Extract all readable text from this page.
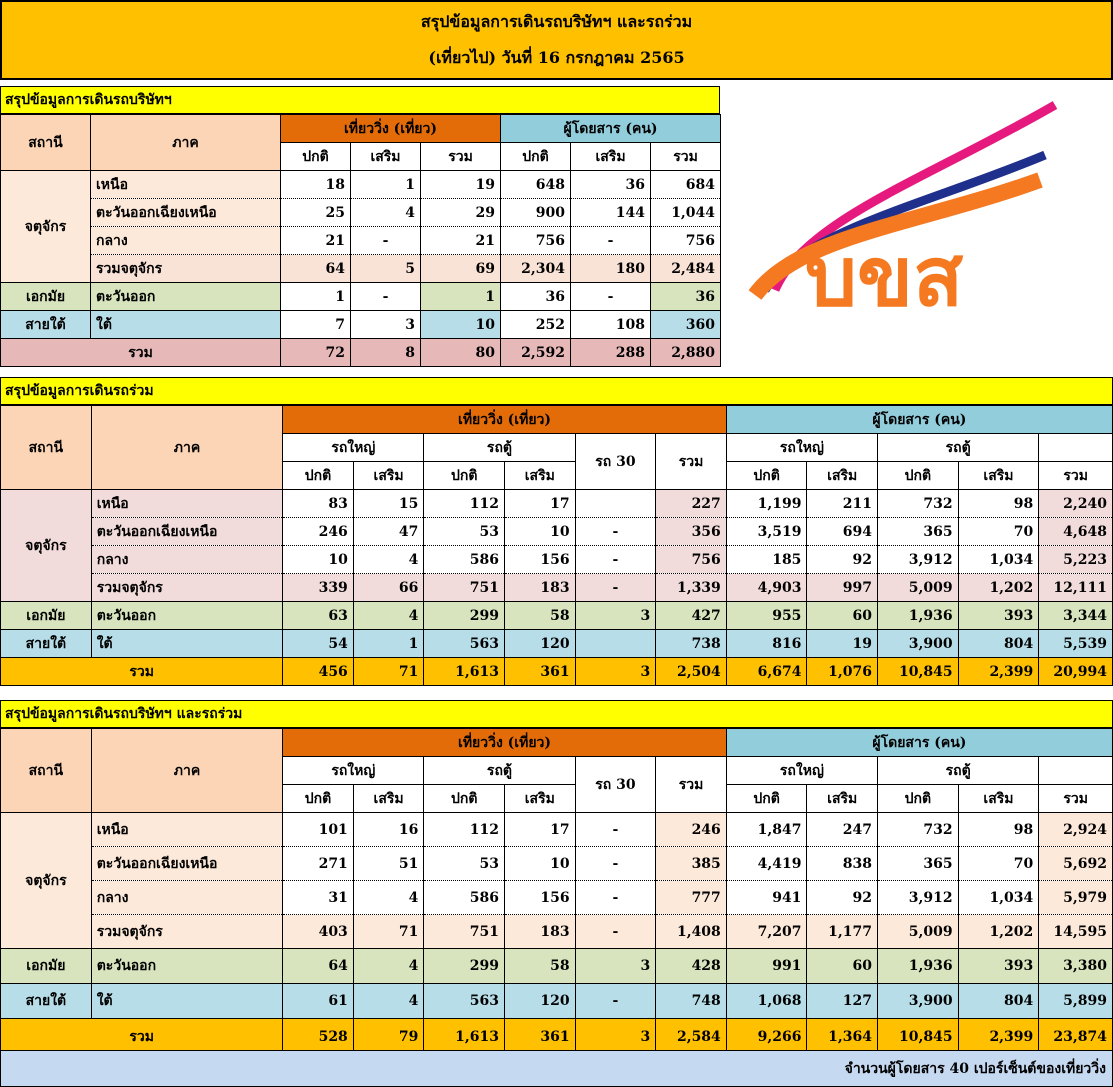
สรุปข้อมูลการเดินรถบริษัทฯ และรถร่วม
(เที่ยวไป) วันที่ 16 กรกฎาคม 2565
สรุปข้อมูลการเดินรถบริษัทฯ
สถานี	ภาค	เที่ยววิ่ง (เที่ยว)			ผู้โดยสาร (คน)		
		ปกติ	เสริม	รวม	ปกติ	เสริม	รวม
จตุจักร	เหนือ	18	1	19	648	36	684
	ตะวันออกเฉียงเหนือ	25	4	29	900	144	1,044
	กลาง	21	-	21	756	-	756
	รวมจตุจักร	64	5	69	2,304	180	2,484
เอกมัย	ตะวันออก	1	-	1	36	-	36
สายใต้	ใต้	7	3	10	252	108	360
รวม		72	8	80	2,592	288	2,880
บขส
สรุปข้อมูลการเดินรถร่วม
สถานี	ภาค	เที่ยววิ่ง (เที่ยว)						ผู้โดยสาร (คน)				
		รถใหญ่		รถตู้		รถ 30	รวม	รถใหญ่		รถตู้		
		ปกติ	เสริม	ปกติ	เสริม			ปกติ	เสริม	ปกติ	เสริม	รวม
จตุจักร	เหนือ	83	15	112	17		227	1,199	211	732	98	2,240
	ตะวันออกเฉียงเหนือ	246	47	53	10	-	356	3,519	694	365	70	4,648
	กลาง	10	4	586	156	-	756	185	92	3,912	1,034	5,223
	รวมจตุจักร	339	66	751	183	-	1,339	4,903	997	5,009	1,202	12,111
เอกมัย	ตะวันออก	63	4	299	58	3	427	955	60	1,936	393	3,344
สายใต้	ใต้	54	1	563	120		738	816	19	3,900	804	5,539
รวม		456	71	1,613	361	3	2,504	6,674	1,076	10,845	2,399	20,994
สรุปข้อมูลการเดินรถบริษัทฯ และรถร่วม
สถานี	ภาค	เที่ยววิ่ง (เที่ยว)						ผู้โดยสาร (คน)				
		รถใหญ่		รถตู้		รถ 30	รวม	รถใหญ่		รถตู้		
		ปกติ	เสริม	ปกติ	เสริม			ปกติ	เสริม	ปกติ	เสริม	รวม
จตุจักร	เหนือ	101	16	112	17	-	246	1,847	247	732	98	2,924
	ตะวันออกเฉียงเหนือ	271	51	53	10	-	385	4,419	838	365	70	5,692
	กลาง	31	4	586	156	-	777	941	92	3,912	1,034	5,979
	รวมจตุจักร	403	71	751	183	-	1,408	7,207	1,177	5,009	1,202	14,595
เอกมัย	ตะวันออก	64	4	299	58	3	428	991	60	1,936	393	3,380
สายใต้	ใต้	61	4	563	120	-	748	1,068	127	3,900	804	5,899
รวม		528	79	1,613	361	3	2,584	9,266	1,364	10,845	2,399	23,874
จำนวนผู้โดยสาร 40 เปอร์เซ็นต์ของเที่ยววิ่ง
